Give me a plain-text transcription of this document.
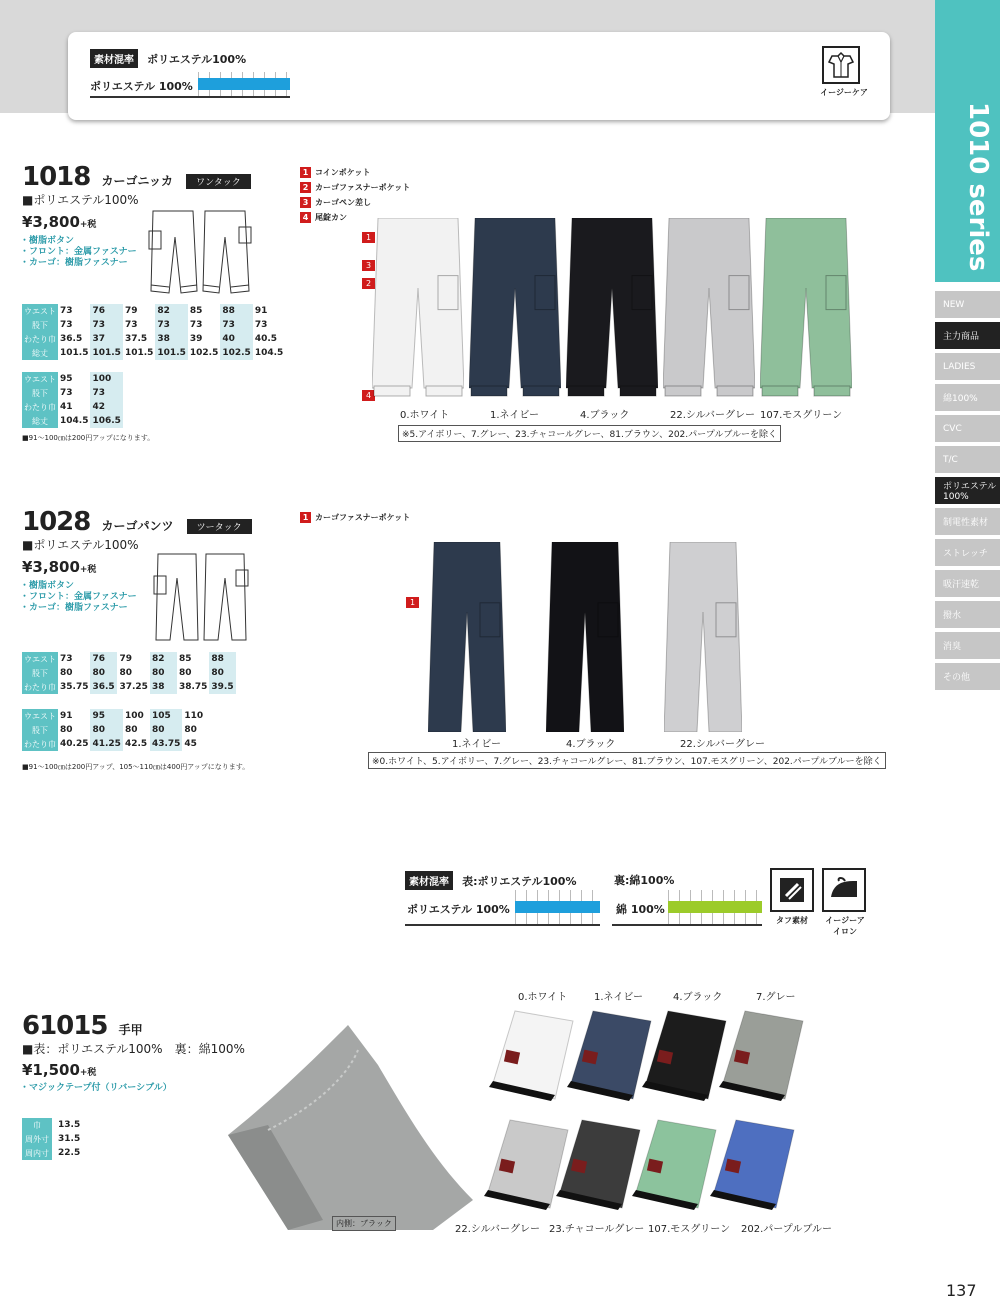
素材混率 ポリエステル100%
ポリエステル 100%	イージーケア
1010 series
NEW
主力商品
LADIES
綿100%
CVC
T/C
ポリエステル100%
制電性素材
ストレッチ
吸汗速乾
撥水
消臭
その他
1018 カーゴニッカ	ワンタック
■ポリエステル100%
¥3,800+税
・樹脂ボタン
・フロント：金属ファスナー
・カーゴ：樹脂ファスナー
ウエスト	73	76	79	82	85	88	91
股下	73	73	73	73	73	73	73
わたり巾	36.5	37	37.5	38	39	40	40.5
総丈	101.5	101.5	101.5	101.5	102.5	102.5	104.5
ウエスト	95	100
股下	73	73
わたり巾	41	42
総丈	104.5	106.5
■91～100㎝は200円アップになります。
1 コインポケット
2 カーゴファスナーポケット
3 カーゴペン差し
4 尾錠カン
1
3
2
4
0.ホワイト	1.ネイビー	4.ブラック	22.シルバーグレー 107.モスグリーン
※5.アイボリー、7.グレー、23.チャコールグレー、81.ブラウン、202.パープルブルーを除く
1028 カーゴパンツ	ツータック
■ポリエステル100%
¥3,800+税
・樹脂ボタン
・フロント：金属ファスナー
・カーゴ：樹脂ファスナー
ウエスト	73	76	79	82	85	88
股下	80	80	80	80	80	80
わたり巾	35.75	36.5	37.25	38	38.75	39.5
ウエスト	91	95	100	105	110
股下	80	80	80	80	80
わたり巾	40.25	41.25	42.5	43.75	45
■91～100㎝は200円アップ、105～110㎝は400円アップになります。
1 カーゴファスナーポケット
1
1.ネイビー	4.ブラック	22.シルバーグレー
※0.ホワイト、5.アイボリー、7.グレー、23.チャコールグレー、81.ブラウン、107.モスグリーン、202.パープルブルーを除く
素材混率 表:ポリエステル100%	裏:綿100%
ポリエステル 100%	綿 100%
タフ素材	イージーアイロン
61015 手甲
■表：ポリエステル100%　裏：綿100%
¥1,500+税
・マジックテープ付（リバーシブル）
巾	13.5
周外寸	31.5
周内寸	22.5
内側：ブラック
0.ホワイト	1.ネイビー	4.ブラック	7.グレー
22.シルバーグレー 23.チャコールグレー 107.モスグリーン 202.パープルブルー
137
